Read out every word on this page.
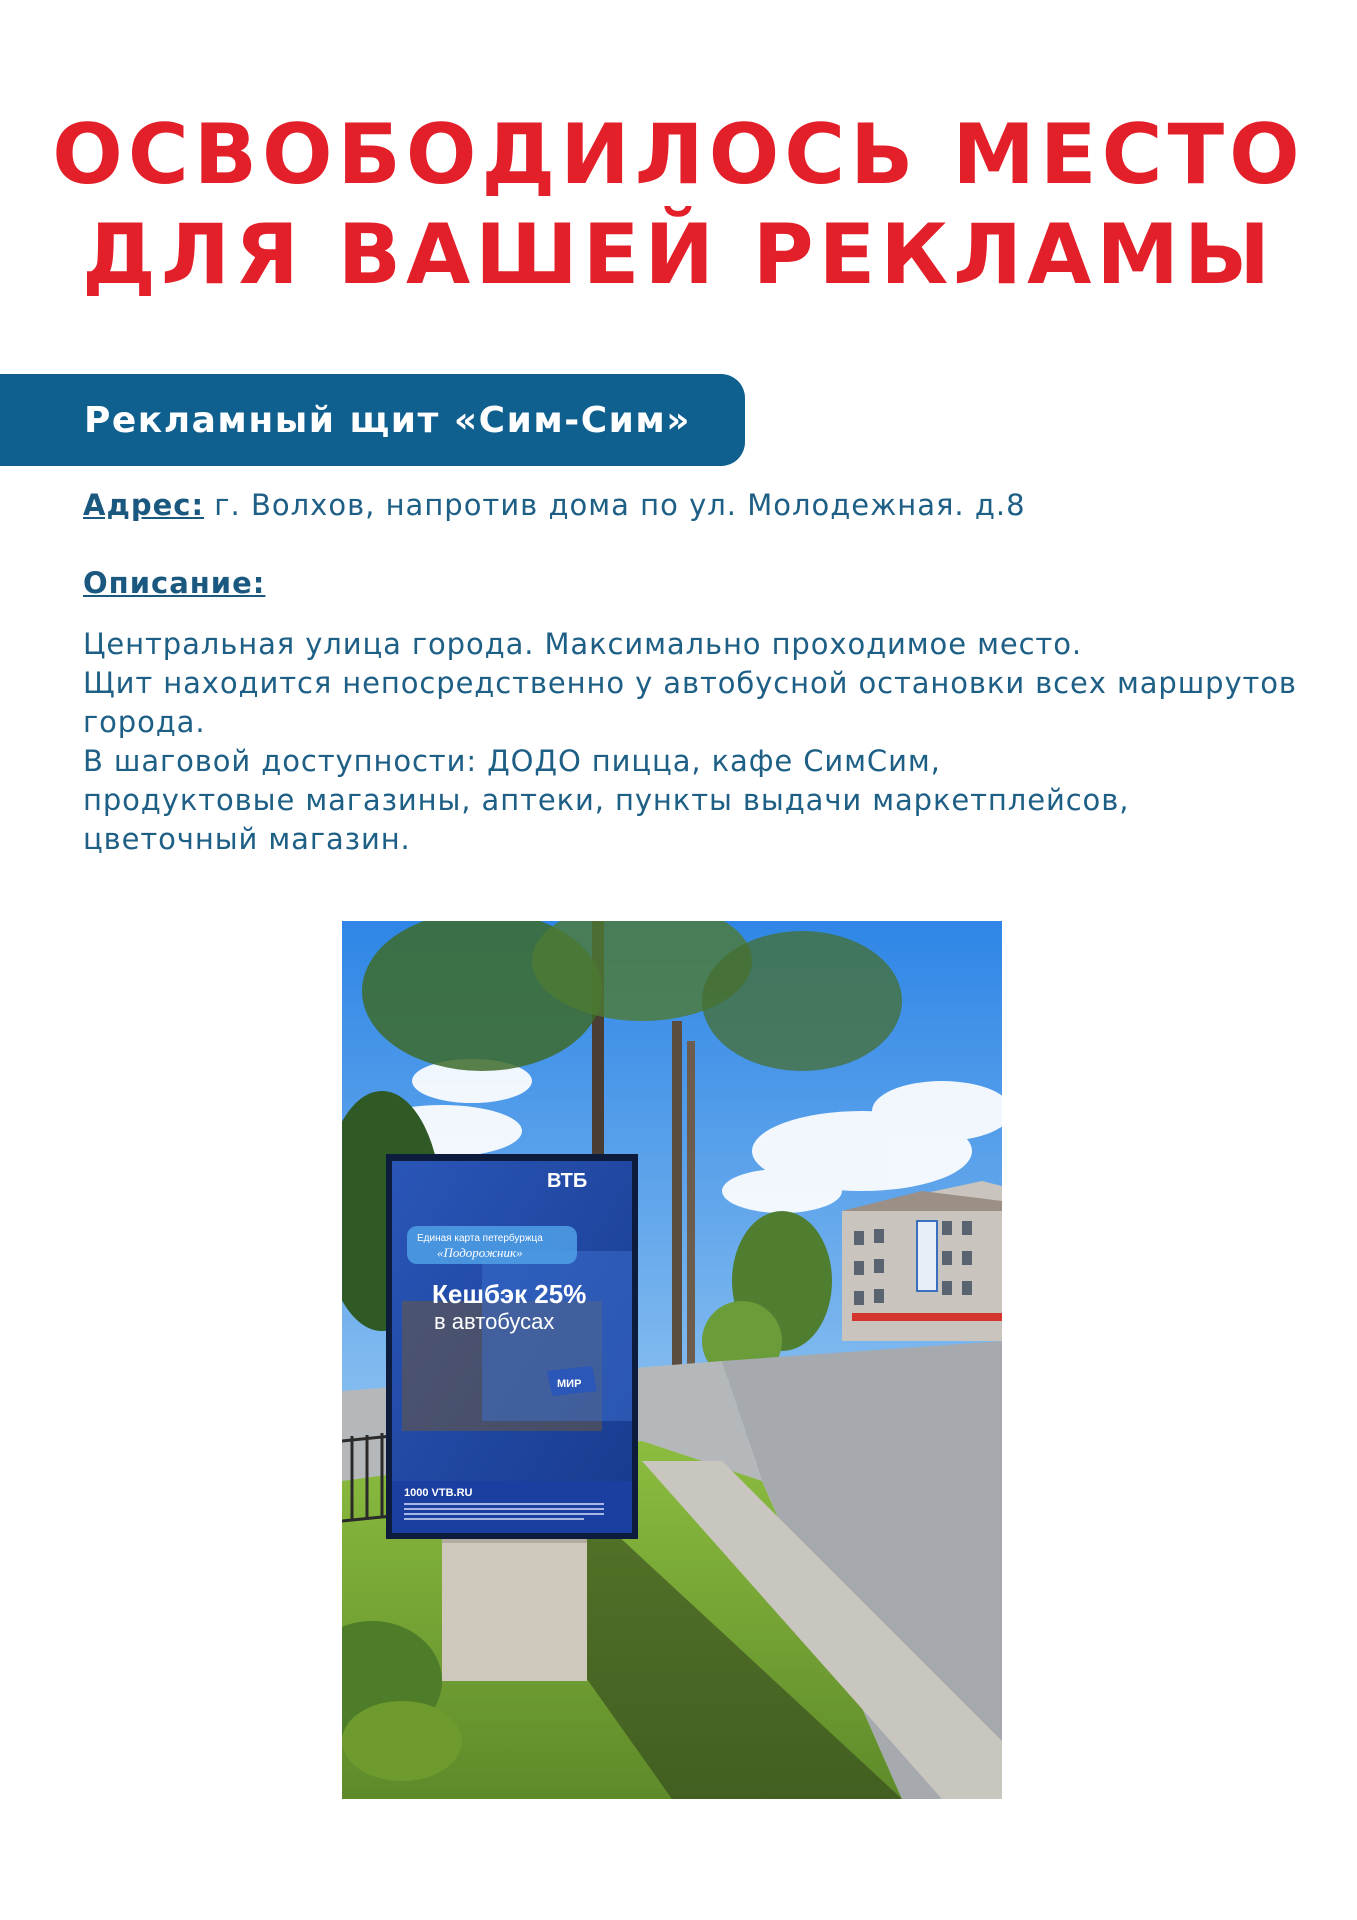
ОСВОБОДИЛОСЬ МЕСТО
ДЛЯ ВАШЕЙ РЕКЛАМЫ
Рекламный щит «Сим-Сим»
Адрес: г. Волхов, напротив дома по ул. Молодежная. д.8
Описание:
Центральная улица города. Максимально проходимое место.
Щит находится непосредственно у автобусной остановки всех маршрутов
города.
В шаговой доступности: ДОДО пицца, кафе СимСим,
продуктовые магазины, аптеки, пункты выдачи маркетплейсов,
цветочный магазин.
ВТБ
Единая карта петербуржца
«Подорожник»
Кешбэк 25%
в автобусах
МИР
1000 VTB.RU
